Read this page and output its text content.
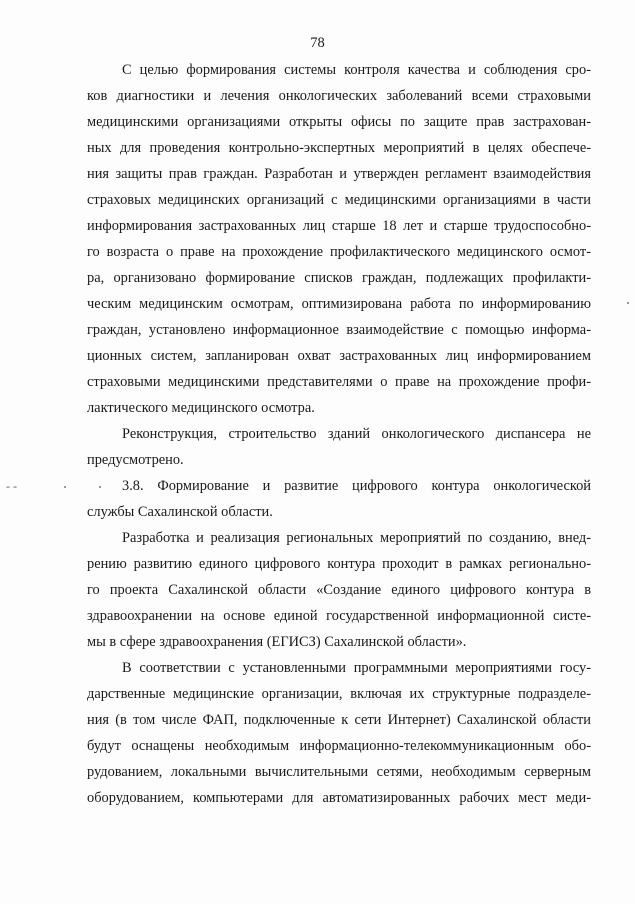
78
С целью формирования системы контроля качества и соблюдения сро-
ков диагностики и лечения онкологических заболеваний всеми страховыми
медицинскими организациями открыты офисы по защите прав застрахован-
ных для проведения контрольно-экспертных мероприятий в целях обеспече-
ния защиты прав граждан. Разработан и утвержден регламент взаимодействия
страховых медицинских организаций с медицинскими организациями в части
информирования застрахованных лиц старше 18 лет и старше трудоспособно-
го возраста о праве на прохождение профилактического медицинского осмот-
ра, организовано формирование списков граждан, подлежащих профилакти-
ческим медицинским осмотрам, оптимизирована работа по информированию
граждан, установлено информационное взаимодействие с помощью информа-
ционных систем, запланирован охват застрахованных лиц информированием
страховыми медицинскими представителями о праве на прохождение профи-
лактического медицинского осмотра.
Реконструкция, строительство зданий онкологического диспансера не
предусмотрено.
- -	3.8. Формирование и развитие цифрового контура онкологической
службы Сахалинской области.
Разработка и реализация региональных мероприятий по созданию, внед-
рению развитию единого цифрового контура проходит в рамках регионально-
го проекта Сахалинской области «Создание единого цифрового контура в
здравоохранении на основе единой государственной информационной систе-
мы в сфере здравоохранения (ЕГИСЗ) Сахалинской области».
В соответствии с установленными программными мероприятиями госу-
дарственные медицинские организации, включая их структурные подразделе-
ния (в том числе ФАП, подключенные к сети Интернет) Сахалинской области
будут оснащены необходимым информационно-телекоммуникационным обо-
рудованием, локальными вычислительными сетями, необходимым серверным
оборудованием, компьютерами для автоматизированных рабочих мест меди-
